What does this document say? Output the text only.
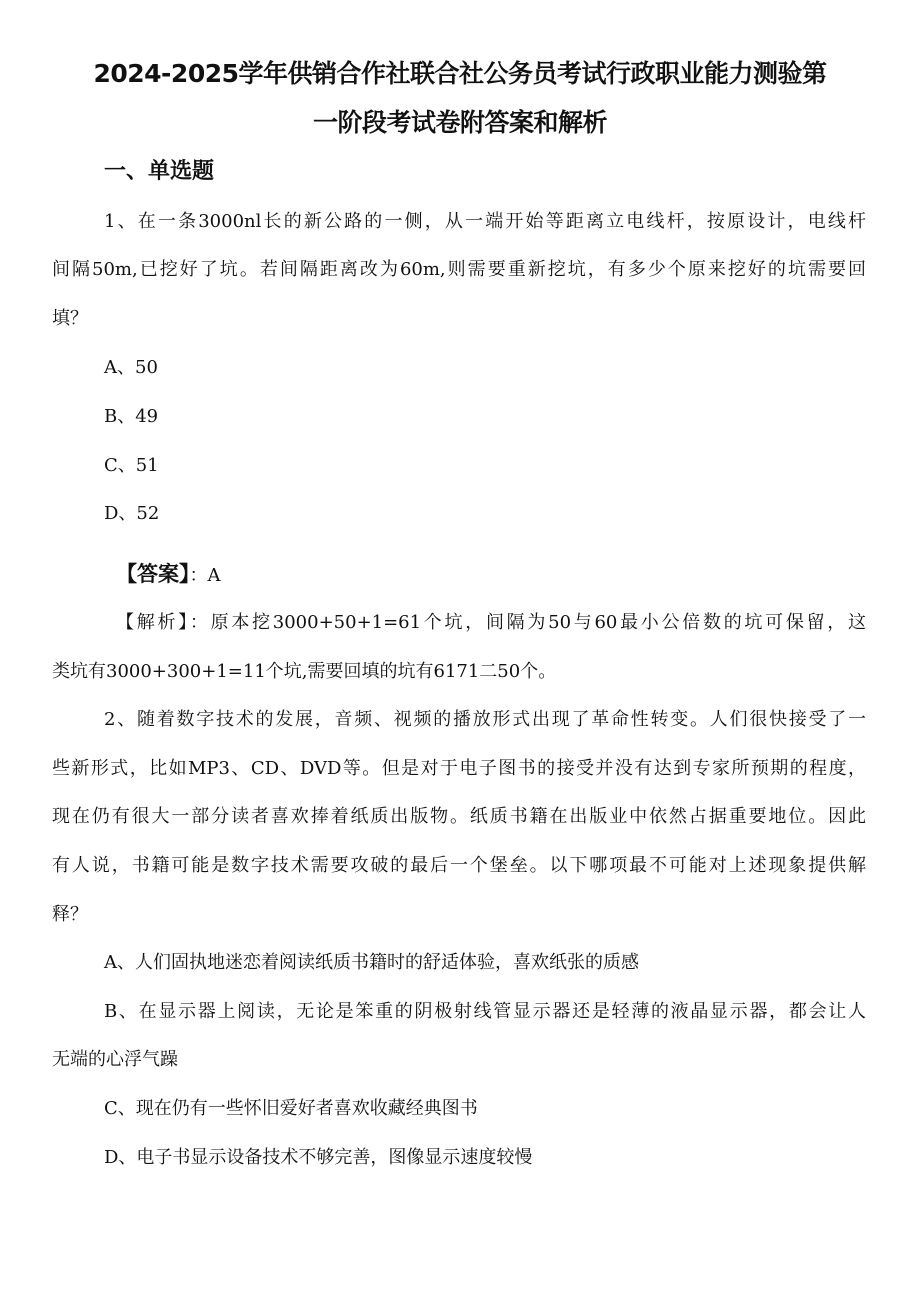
2024-2025学年供销合作社联合社公务员考试行政职业能力测验第
一阶段考试卷附答案和解析
一、单选题
1、在一条3000nl长的新公路的一侧，从一端开始等距离立电线杆，按原设计，电线杆
间隔50m,已挖好了坑。若间隔距离改为60m,则需要重新挖坑，有多少个原来挖好的坑需要回
填？
A、50
B、49
C、51
D、52
【答案】：A
【解析】：原本挖3000+50+1=61个坑，间隔为50与60最小公倍数的坑可保留，这
类坑有3000+300+1=11个坑,需要回填的坑有6171二50个。
2、随着数字技术的发展，音频、视频的播放形式出现了革命性转变。人们很快接受了一
些新形式，比如MP3、CD、DVD等。但是对于电子图书的接受并没有达到专家所预期的程度，
现在仍有很大一部分读者喜欢捧着纸质出版物。纸质书籍在出版业中依然占据重要地位。因此
有人说，书籍可能是数字技术需要攻破的最后一个堡垒。以下哪项最不可能对上述现象提供解
释？
A、人们固执地迷恋着阅读纸质书籍时的舒适体验，喜欢纸张的质感
B、在显示器上阅读，无论是笨重的阴极射线管显示器还是轻薄的液晶显示器，都会让人
无端的心浮气躁
C、现在仍有一些怀旧爱好者喜欢收藏经典图书
D、电子书显示设备技术不够完善，图像显示速度较慢
